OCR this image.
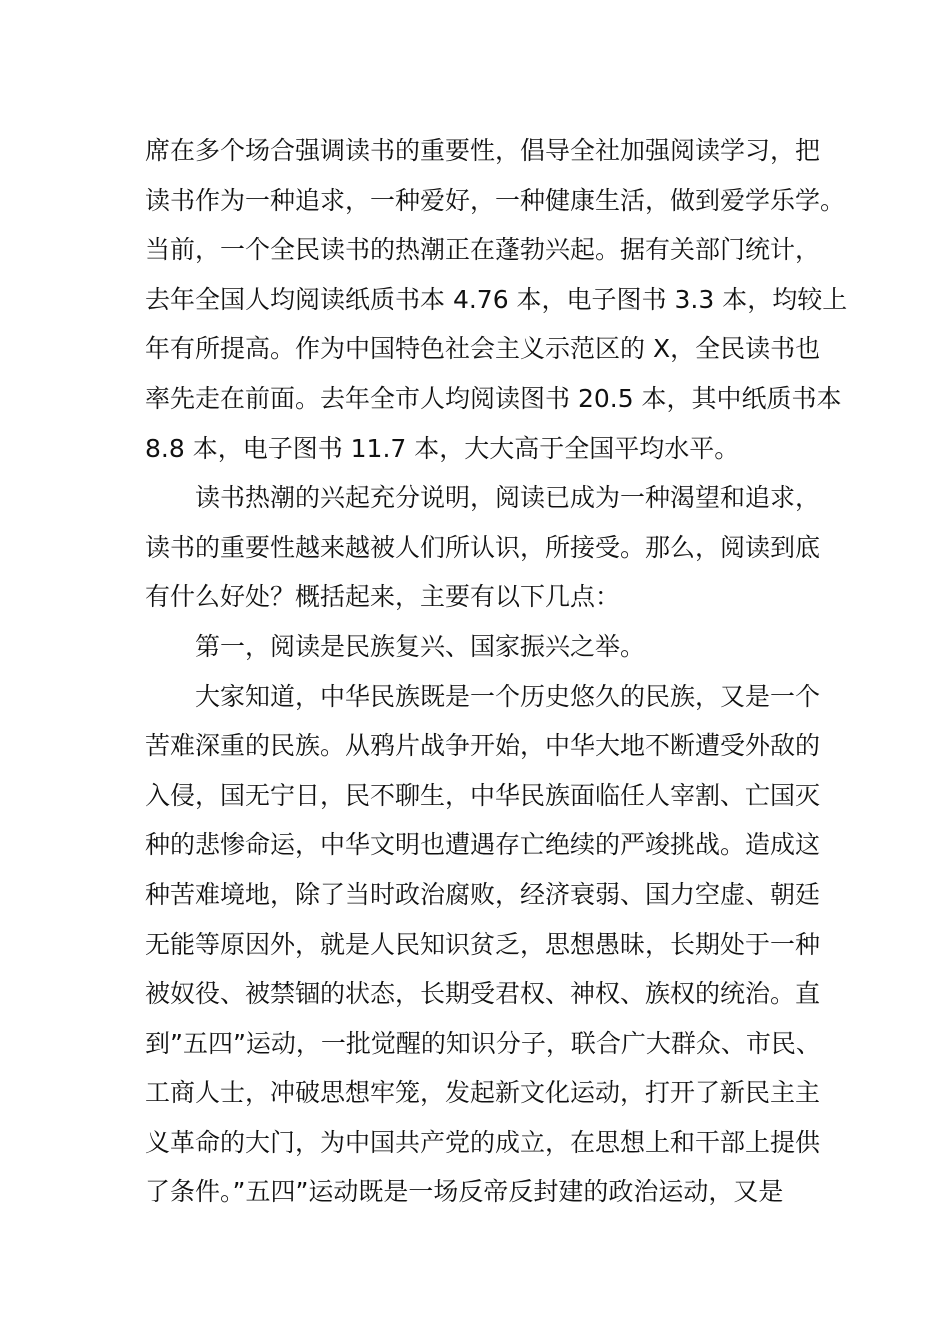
席在多个场合强调读书的重要性，倡导全社加强阅读学习，把
读书作为一种追求，一种爱好，一种健康生活，做到爱学乐学。
当前，一个全民读书的热潮正在蓬勃兴起。据有关部门统计，
去年全国人均阅读纸质书本 4.76 本，电子图书 3.3 本，均较上
年有所提高。作为中国特色社会主义示范区的 X，全民读书也
率先走在前面。去年全市人均阅读图书 20.5 本，其中纸质书本
8.8 本，电子图书 11.7 本，大大高于全国平均水平。
读书热潮的兴起充分说明，阅读已成为一种渴望和追求，
读书的重要性越来越被人们所认识，所接受。那么，阅读到底
有什么好处？概括起来，主要有以下几点：
第一，阅读是民族复兴、国家振兴之举。
大家知道，中华民族既是一个历史悠久的民族，又是一个
苦难深重的民族。从鸦片战争开始，中华大地不断遭受外敌的
入侵，国无宁日，民不聊生，中华民族面临任人宰割、亡国灭
种的悲惨命运，中华文明也遭遇存亡绝续的严竣挑战。造成这
种苦难境地，除了当时政治腐败，经济衰弱、国力空虚、朝廷
无能等原因外，就是人民知识贫乏，思想愚昧，长期处于一种
被奴役、被禁锢的状态，长期受君权、神权、族权的统治。直
到”五四”运动，一批觉醒的知识分子，联合广大群众、市民、
工商人士，冲破思想牢笼，发起新文化运动，打开了新民主主
义革命的大门，为中国共产党的成立，在思想上和干部上提供
了条件。”五四”运动既是一场反帝反封建的政治运动，又是
